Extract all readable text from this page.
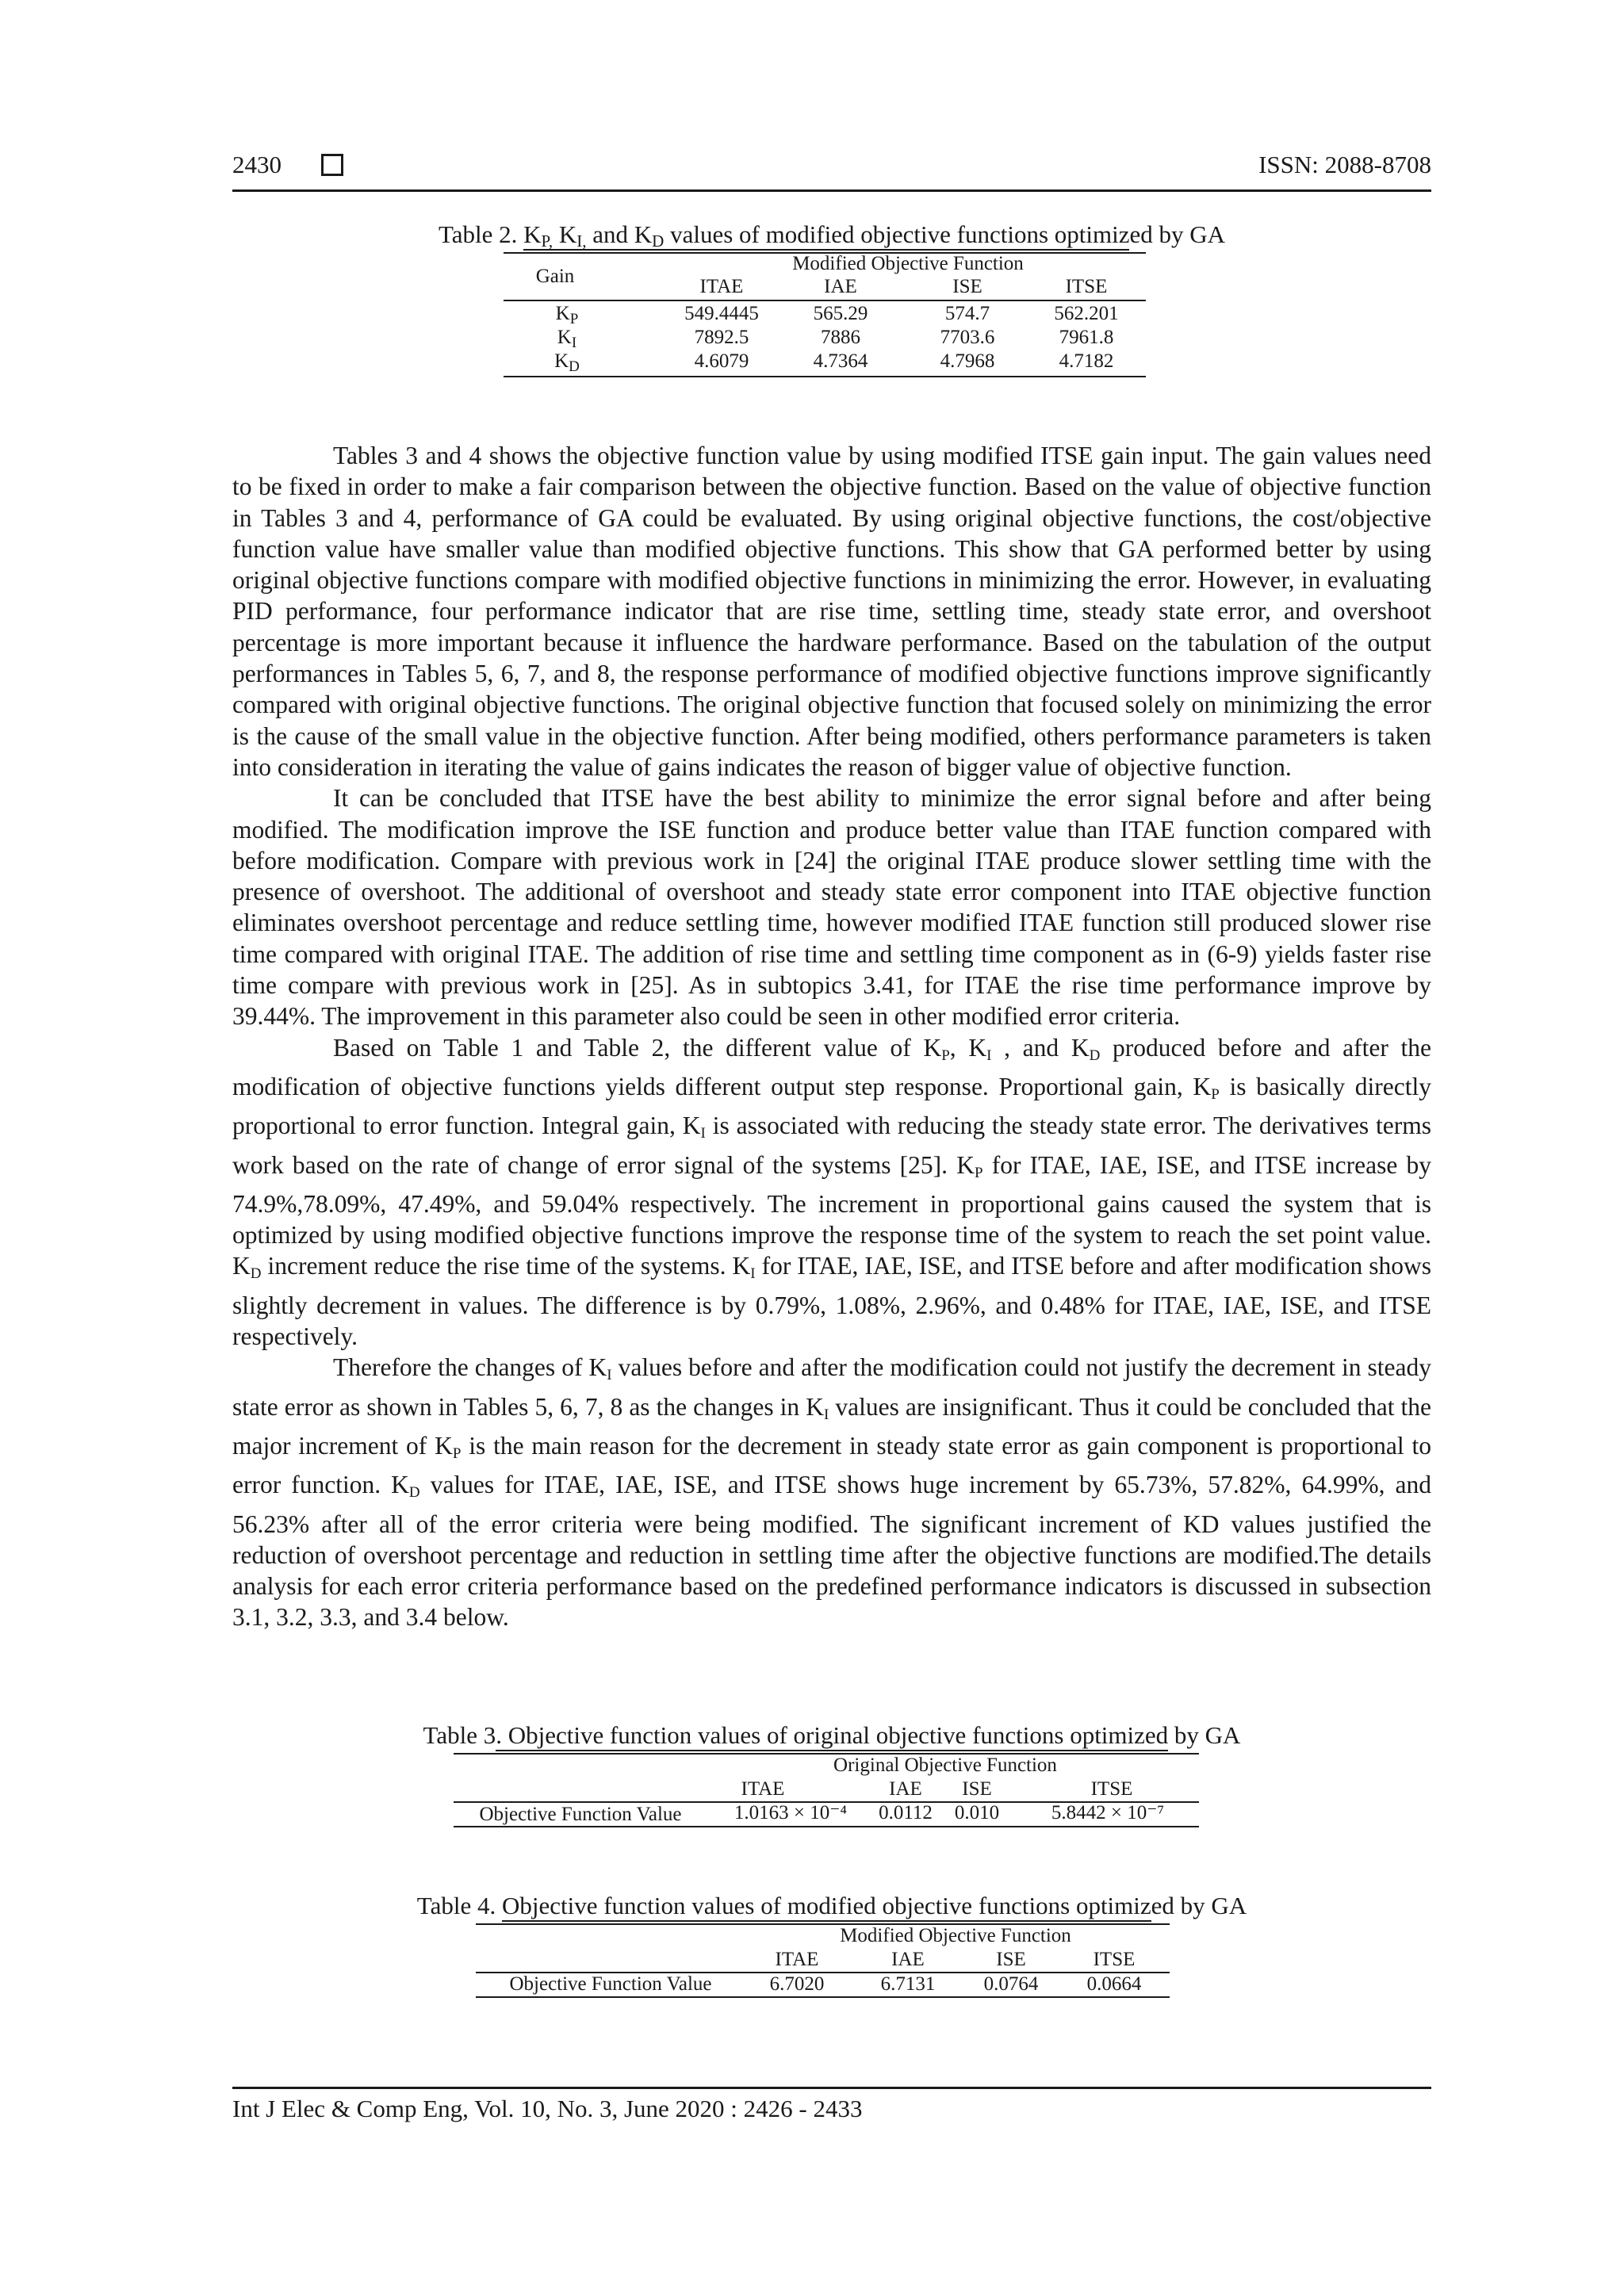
2430	ISSN: 2088-8708
Table 2. $K_{P,}$ $K_{I,}$ and $K_D$ values of modified objective functions optimized by GA
Gain
Modified Objective Function
ITAE	IAE	ISE	ITSE
$K_P$	549.4445	565.29	574.7	562.201
$K_I$	7892.5	7886	7703.6	7961.8
$K_D$	4.6079	4.7364	4.7968	4.7182

Tables 3 and 4 shows the objective function value by using modified ITSE gain input. The gain values need to be fixed in order to make a fair comparison between the objective function. Based on the value of objective function in Tables 3 and 4, performance of GA could be evaluated. By using original objective functions, the cost/objective function value have smaller value than modified objective functions. This show that GA performed better by using original objective functions compare with modified objective functions in minimizing the error. However, in evaluating PID performance, four performance indicator that are rise time, settling time, steady state error, and overshoot percentage is more important because it influence the hardware performance. Based on the tabulation of the output performances in Tables 5, 6, 7, and 8, the response performance of modified objective functions improve significantly compared with original objective functions. The original objective function that focused solely on minimizing the error is the cause of the small value in the objective function. After being modified, others performance parameters is taken into consideration in iterating the value of gains indicates the reason of bigger value of objective function.

It can be concluded that ITSE have the best ability to minimize the error signal before and after being modified. The modification improve the ISE function and produce better value than ITAE function compared with before modification. Compare with previous work in [24] the original ITAE produce slower settling time with the presence of overshoot. The additional of overshoot and steady state error component into ITAE objective function eliminates overshoot percentage and reduce settling time, however modified ITAE function still produced slower rise time compared with original ITAE. The addition of rise time and settling time component as in (6-9) yields faster rise time compare with previous work in [25]. As in subtopics 3.41, for ITAE the rise time performance improve by 39.44%. The improvement in this parameter also could be seen in other modified error criteria.

Based on Table 1 and Table 2, the different value of KP, KI , and KD produced before and after the modification of objective functions yields different output step response. Proportional gain, KP is basically directly proportional to error function. Integral gain, KI is associated with reducing the steady state error. The derivatives terms work based on the rate of change of error signal of the systems [25]. KP for ITAE, IAE, ISE, and ITSE increase by 74.9%,78.09%, 47.49%, and 59.04% respectively. The increment in proportional gains caused the system that is optimized by using modified objective functions improve the response time of the system to reach the set point value. KD increment reduce the rise time of the systems. KI for ITAE, IAE, ISE, and ITSE before and after modification shows slightly decrement in values. The difference is by 0.79%, 1.08%, 2.96%, and 0.48% for ITAE, IAE, ISE, and ITSE respectively.

Therefore the changes of KI values before and after the modification could not justify the decrement in steady state error as shown in Tables 5, 6, 7, 8 as the changes in KI values are insignificant. Thus it could be concluded that the major increment of KP is the main reason for the decrement in steady state error as gain component is proportional to error function. KD values for ITAE, IAE, ISE, and ITSE shows huge increment by 65.73%, 57.82%, 64.99%, and 56.23% after all of the error criteria were being modified. The significant increment of KD values justified the reduction of overshoot percentage and reduction in settling time after the objective functions are modified.The details analysis for each error criteria performance based on the predefined performance indicators is discussed in subsection 3.1, 3.2, 3.3, and 3.4 below.

Table 3. Objective function values of original objective functions optimized by GA
Original Objective Function
ITAE	IAE	ISE	ITSE
Objective Function Value	1.0163 × 10⁻⁴	0.0112	0.010	5.8442 × 10⁻⁷
Table 4. Objective function values of modified objective functions optimized by GA
Modified Objective Function
ITAE	IAE	ISE	ITSE
Objective Function Value	6.7020	6.7131	0.0764	0.0664
Int J Elec & Comp Eng, Vol. 10, No. 3, June 2020 : 2426 - 2433
